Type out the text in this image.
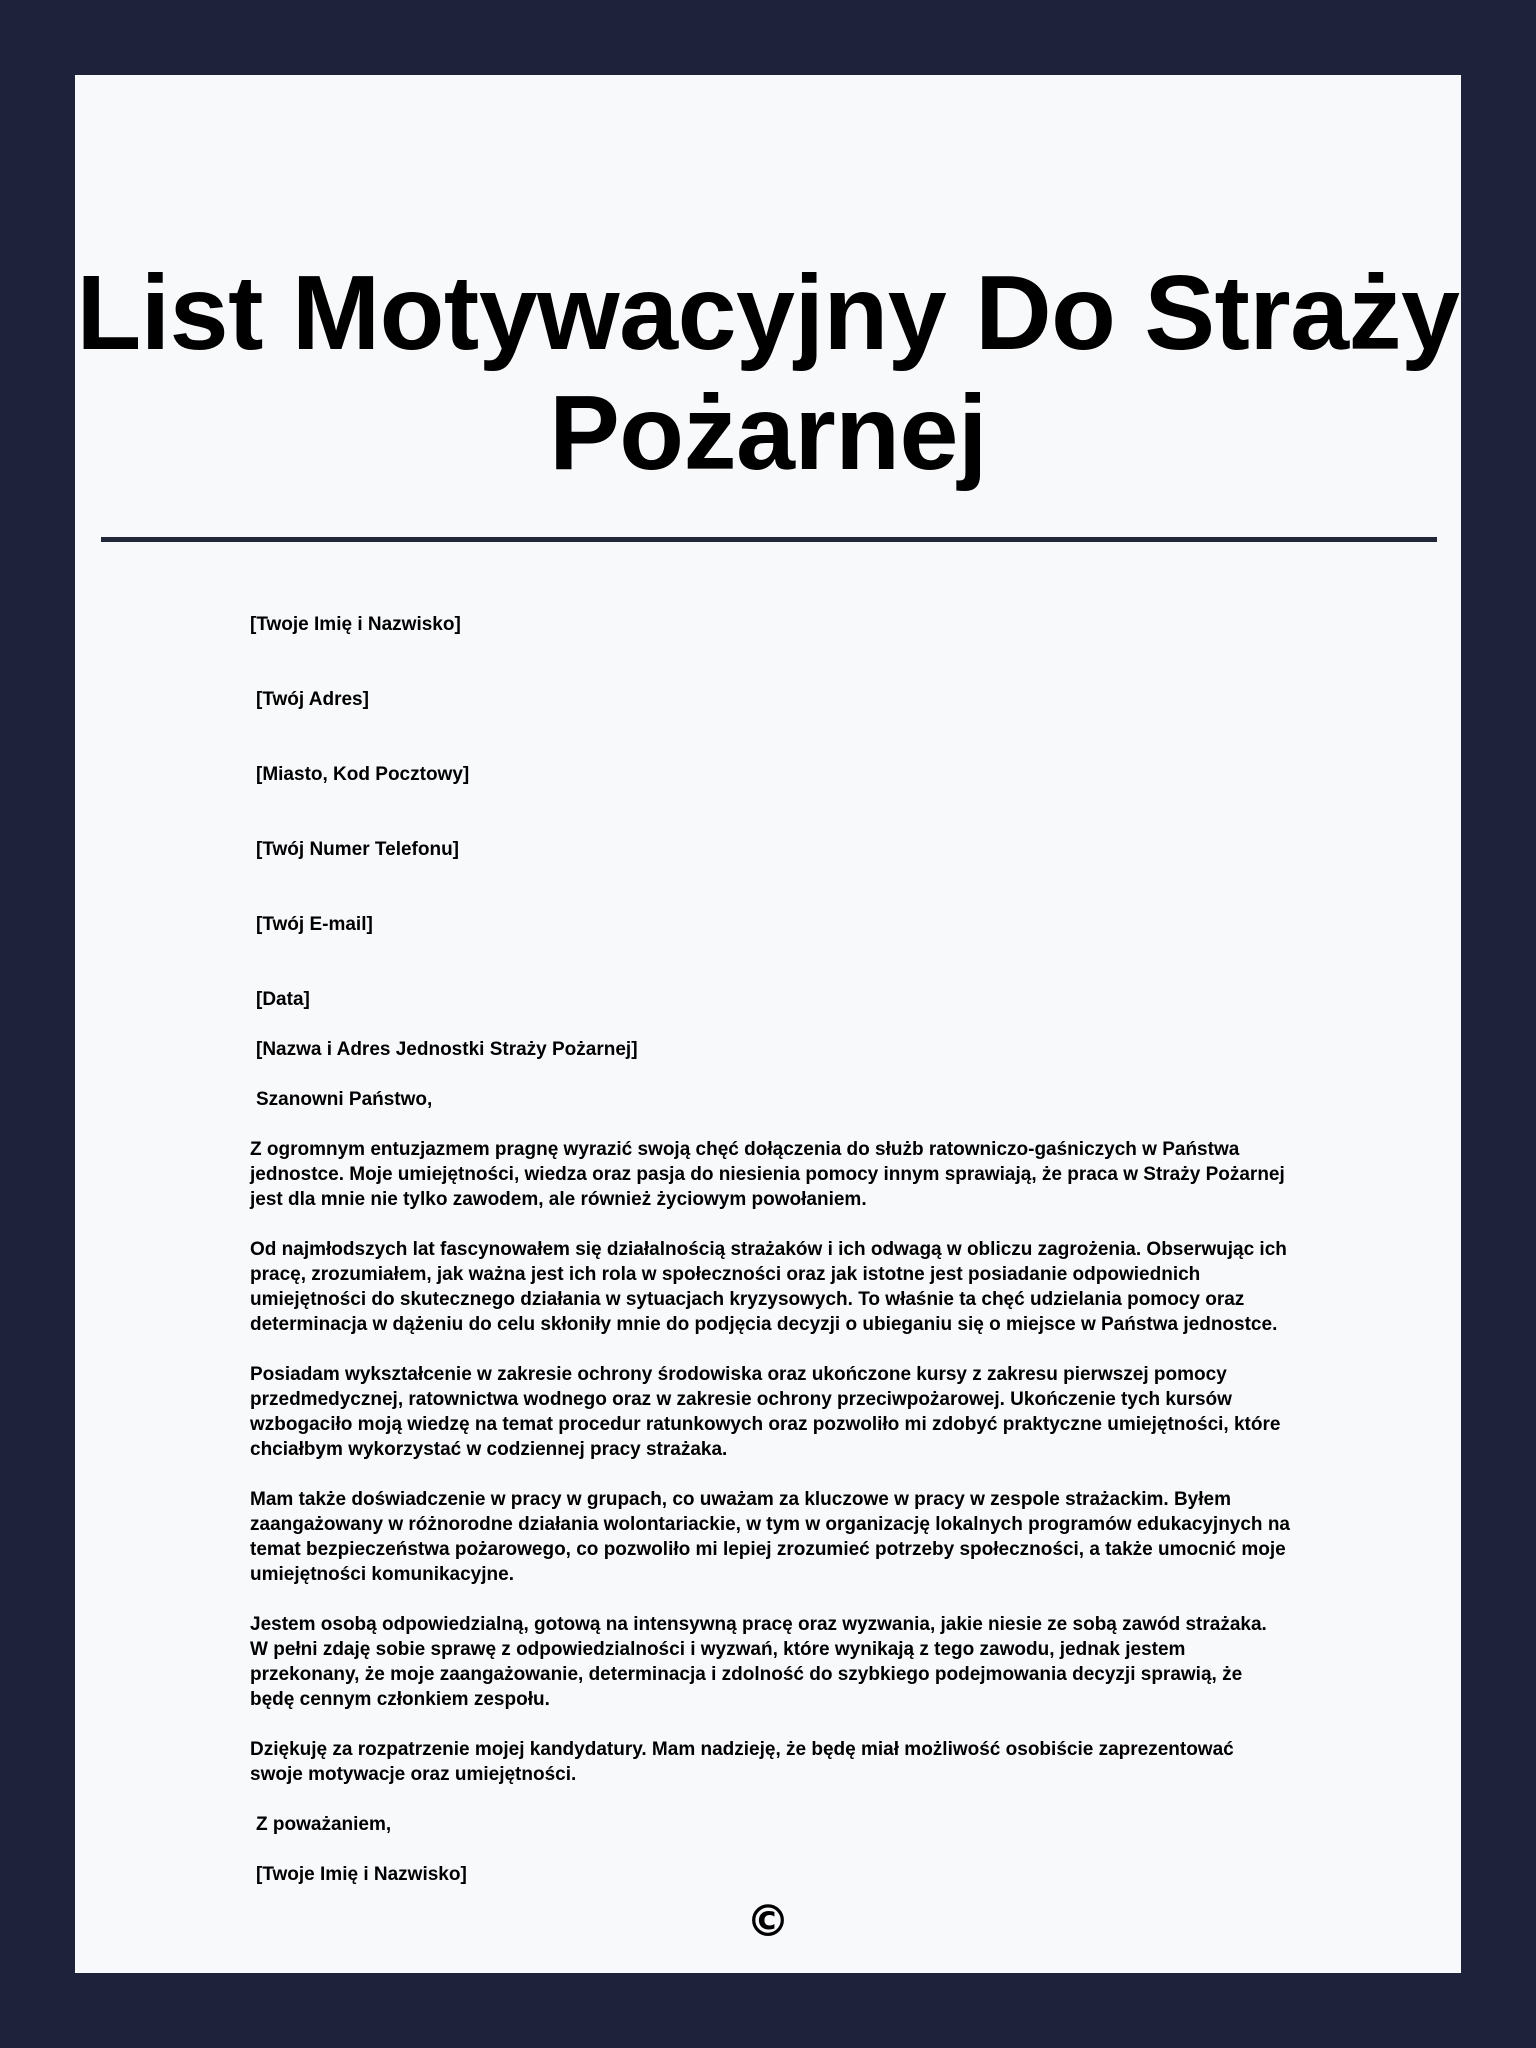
List Motywacyjny Do Straży Pożarnej

[Twoje Imię i Nazwisko]

[Twój Adres]

[Miasto, Kod Pocztowy]

[Twój Numer Telefonu]

[Twój E-mail]

[Data]

[Nazwa i Adres Jednostki Straży Pożarnej]

Szanowni Państwo,

Z ogromnym entuzjazmem pragnę wyrazić swoją chęć dołączenia do służb ratowniczo-gaśniczych w Państwa jednostce. Moje umiejętności, wiedza oraz pasja do niesienia pomocy innym sprawiają, że praca w Straży Pożarnej jest dla mnie nie tylko zawodem, ale również życiowym powołaniem.

Od najmłodszych lat fascynowałem się działalnością strażaków i ich odwagą w obliczu zagrożenia. Obserwując ich pracę, zrozumiałem, jak ważna jest ich rola w społeczności oraz jak istotne jest posiadanie odpowiednich umiejętności do skutecznego działania w sytuacjach kryzysowych. To właśnie ta chęć udzielania pomocy oraz determinacja w dążeniu do celu skłoniły mnie do podjęcia decyzji o ubieganiu się o miejsce w Państwa jednostce.

Posiadam wykształcenie w zakresie ochrony środowiska oraz ukończone kursy z zakresu pierwszej pomocy przedmedycznej, ratownictwa wodnego oraz w zakresie ochrony przeciwpożarowej. Ukończenie tych kursów wzbogaciło moją wiedzę na temat procedur ratunkowych oraz pozwoliło mi zdobyć praktyczne umiejętności, które chciałbym wykorzystać w codziennej pracy strażaka.

Mam także doświadczenie w pracy w grupach, co uważam za kluczowe w pracy w zespole strażackim. Byłem zaangażowany w różnorodne działania wolontariackie, w tym w organizację lokalnych programów edukacyjnych na temat bezpieczeństwa pożarowego, co pozwoliło mi lepiej zrozumieć potrzeby społeczności, a także umocnić moje umiejętności komunikacyjne.

Jestem osobą odpowiedzialną, gotową na intensywną pracę oraz wyzwania, jakie niesie ze sobą zawód strażaka. W pełni zdaję sobie sprawę z odpowiedzialności i wyzwań, które wynikają z tego zawodu, jednak jestem przekonany, że moje zaangażowanie, determinacja i zdolność do szybkiego podejmowania decyzji sprawią, że będę cennym członkiem zespołu.

Dziękuję za rozpatrzenie mojej kandydatury. Mam nadzieję, że będę miał możliwość osobiście zaprezentować swoje motywacje oraz umiejętności.

Z poważaniem,

[Twoje Imię i Nazwisko]

©
